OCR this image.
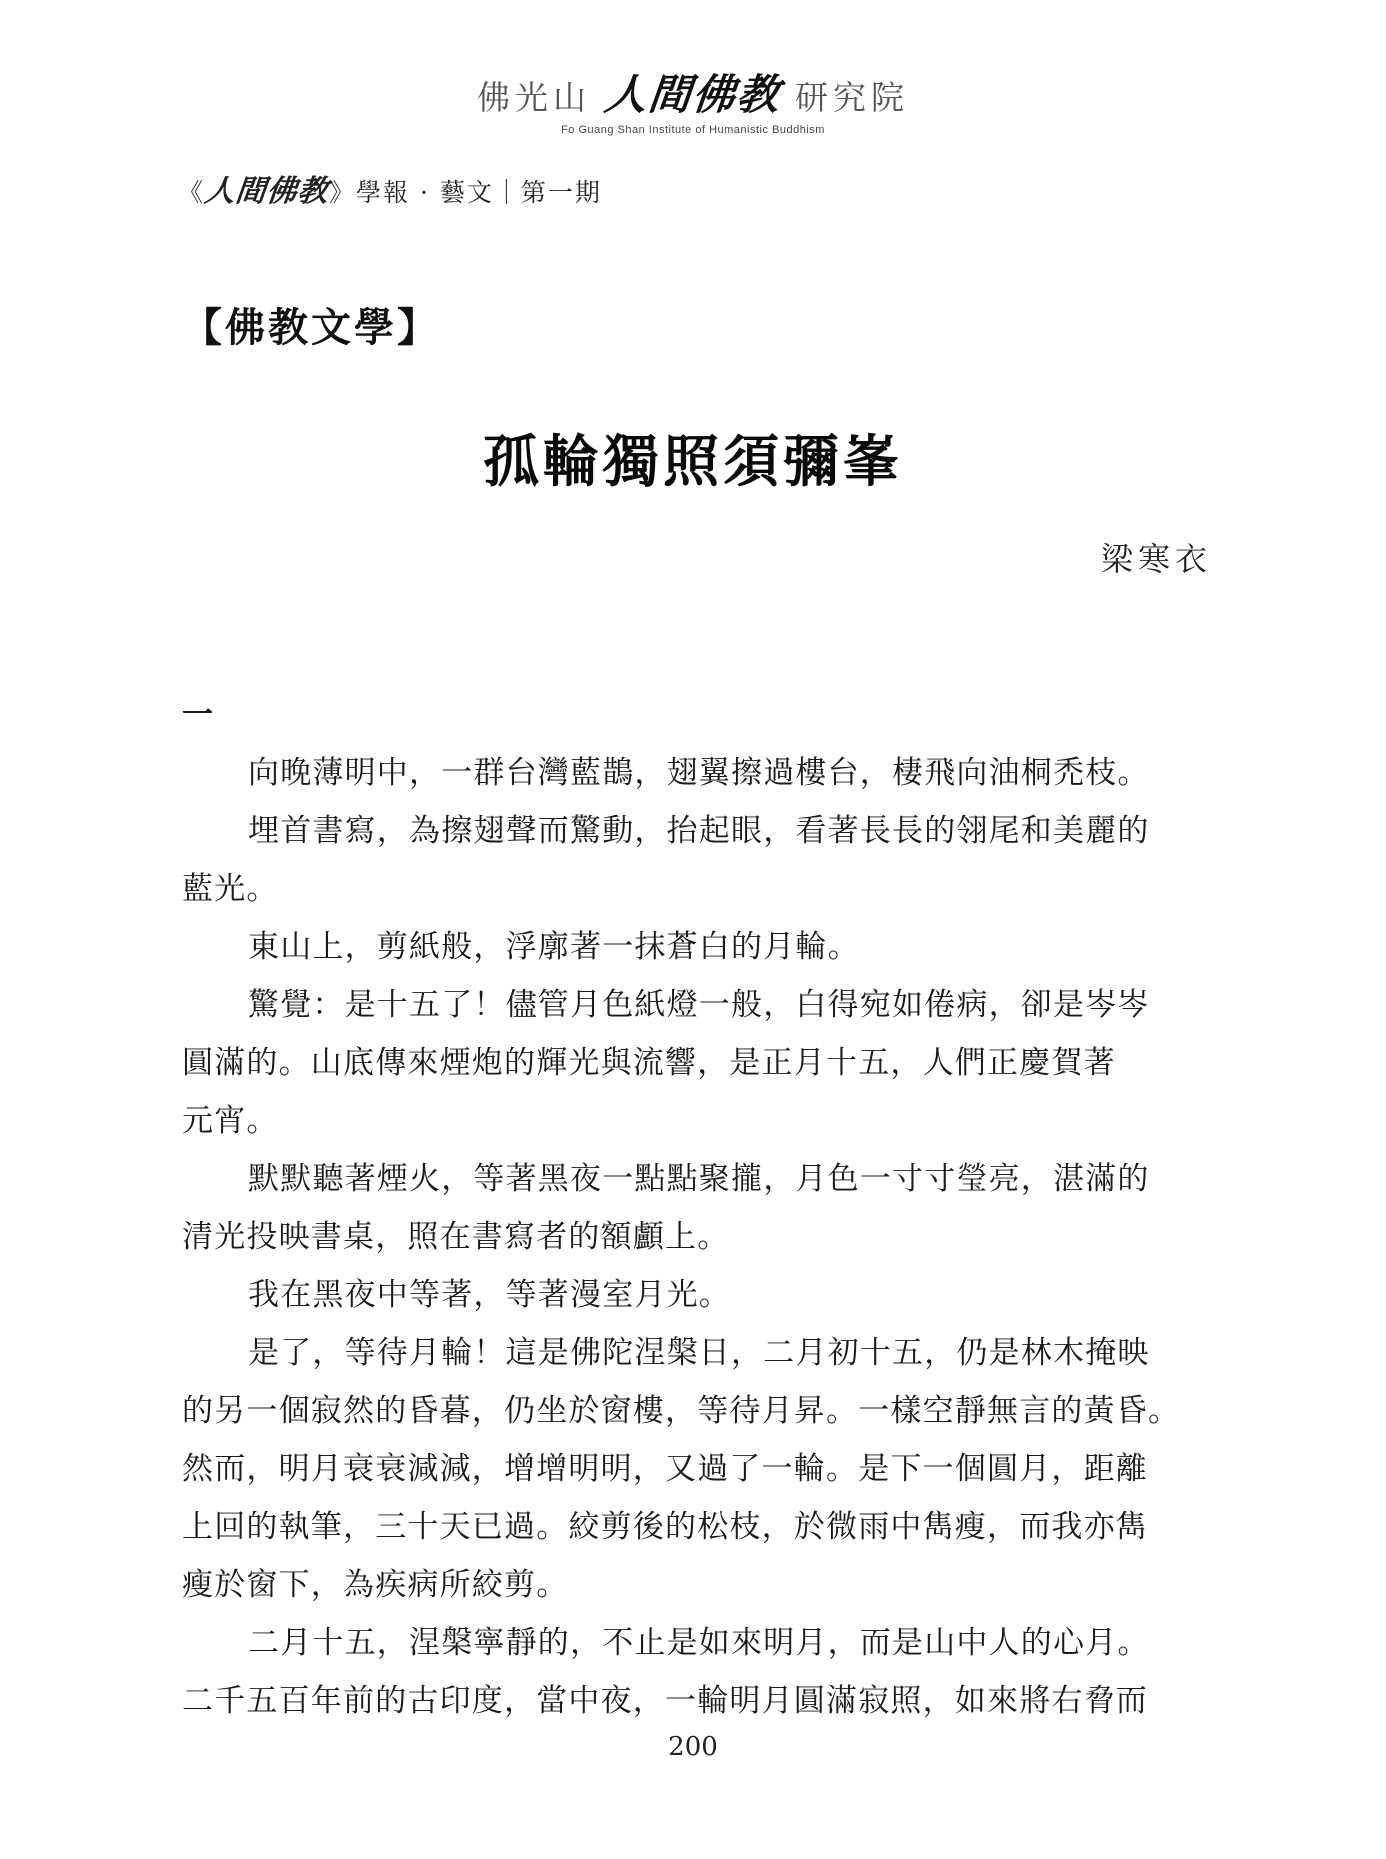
佛光山 人間佛教 研究院
Fo Guang Shan Institute of Humanistic Buddhism
《人間佛教》學報 · 藝文｜第一期
【佛教文學】
孤輪獨照須彌峯
梁寒衣

一

向晚薄明中，一群台灣藍鵲，翅翼擦過樓台，棲飛向油桐禿枝。

埋首書寫，為擦翅聲而驚動，抬起眼，看著長長的翎尾和美麗的

藍光。

東山上，剪紙般，浮廓著一抹蒼白的月輪。

驚覺：是十五了！儘管月色紙燈一般，白得宛如倦病，卻是岑岑

圓滿的。山底傳來煙炮的輝光與流響，是正月十五，人們正慶賀著

元宵。

默默聽著煙火，等著黑夜一點點聚攏，月色一寸寸瑩亮，湛滿的

清光投映書桌，照在書寫者的額顱上。

我在黑夜中等著，等著漫室月光。

是了，等待月輪！這是佛陀涅槃日，二月初十五，仍是林木掩映

的另一個寂然的昏暮，仍坐於窗樓，等待月昇。一樣空靜無言的黃昏。

然而，明月衰衰減減，增增明明，又過了一輪。是下一個圓月，距離

上回的執筆，三十天已過。絞剪後的松枝，於微雨中雋瘦，而我亦雋

瘦於窗下，為疾病所絞剪。

二月十五，涅槃寧靜的，不止是如來明月，而是山中人的心月。

二千五百年前的古印度，當中夜，一輪明月圓滿寂照，如來將右脅而

200
